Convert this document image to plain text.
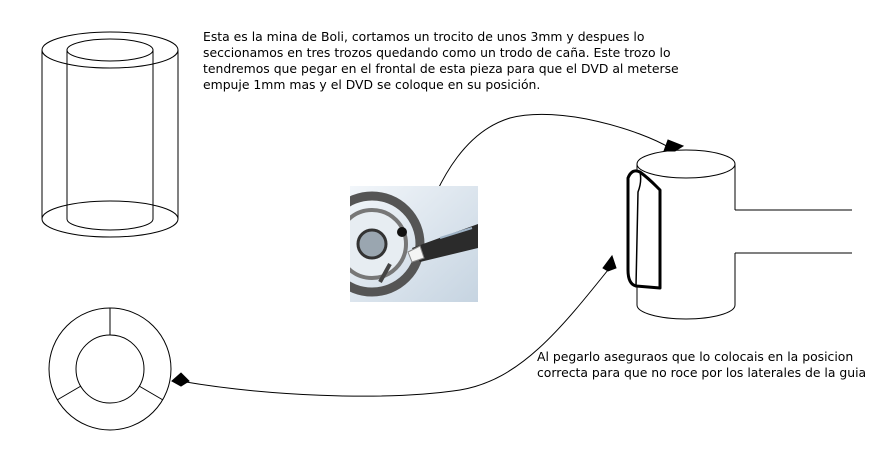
Esta es la mina de Boli, cortamos un trocito de unos 3mm y despues lo seccionamos en tres trozos quedando como un trodo de caña. Este trozo lo tendremos que pegar en el frontal de esta pieza para que el DVD al meterse empuje 1mm mas y el DVD se coloque en su posición.

Al pegarlo aseguraos que lo colocais en la posicion correcta para que no roce por los laterales de la guia
